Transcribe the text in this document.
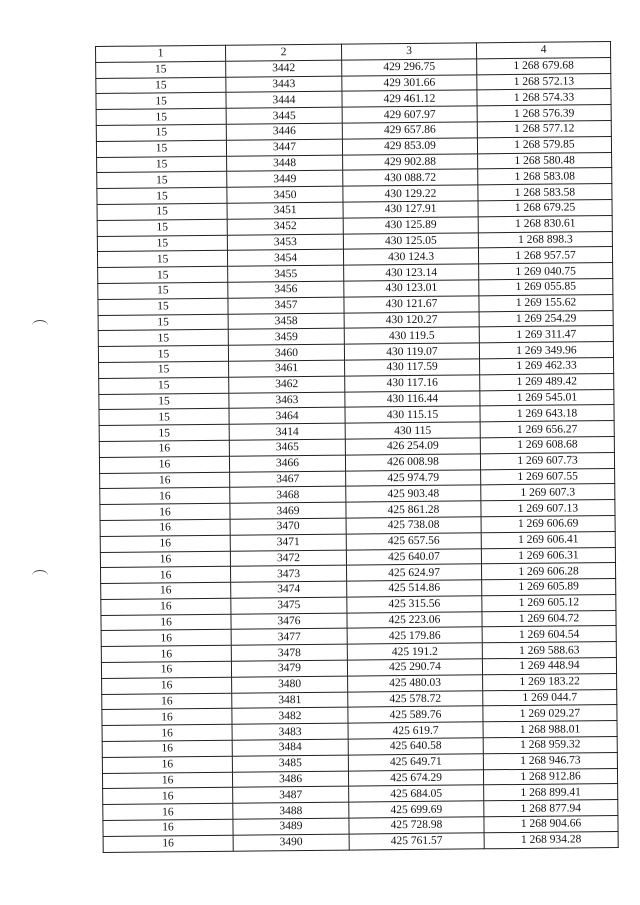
1	2	3	4
15	3442	429 296.75	1 268 679.68
15	3443	429 301.66	1 268 572.13
15	3444	429 461.12	1 268 574.33
15	3445	429 607.97	1 268 576.39
15	3446	429 657.86	1 268 577.12
15	3447	429 853.09	1 268 579.85
15	3448	429 902.88	1 268 580.48
15	3449	430 088.72	1 268 583.08
15	3450	430 129.22	1 268 583.58
15	3451	430 127.91	1 268 679.25
15	3452	430 125.89	1 268 830.61
15	3453	430 125.05	1 268 898.3
15	3454	430 124.3	1 268 957.57
15	3455	430 123.14	1 269 040.75
15	3456	430 123.01	1 269 055.85
15	3457	430 121.67	1 269 155.62
15	3458	430 120.27	1 269 254.29
15	3459	430 119.5	1 269 311.47
15	3460	430 119.07	1 269 349.96
15	3461	430 117.59	1 269 462.33
15	3462	430 117.16	1 269 489.42
15	3463	430 116.44	1 269 545.01
15	3464	430 115.15	1 269 643.18
15	3414	430 115	1 269 656.27
16	3465	426 254.09	1 269 608.68
16	3466	426 008.98	1 269 607.73
16	3467	425 974.79	1 269 607.55
16	3468	425 903.48	1 269 607.3
16	3469	425 861.28	1 269 607.13
16	3470	425 738.08	1 269 606.69
16	3471	425 657.56	1 269 606.41
16	3472	425 640.07	1 269 606.31
16	3473	425 624.97	1 269 606.28
16	3474	425 514.86	1 269 605.89
16	3475	425 315.56	1 269 605.12
16	3476	425 223.06	1 269 604.72
16	3477	425 179.86	1 269 604.54
16	3478	425 191.2	1 269 588.63
16	3479	425 290.74	1 269 448.94
16	3480	425 480.03	1 269 183.22
16	3481	425 578.72	1 269 044.7
16	3482	425 589.76	1 269 029.27
16	3483	425 619.7	1 268 988.01
16	3484	425 640.58	1 268 959.32
16	3485	425 649.71	1 268 946.73
16	3486	425 674.29	1 268 912.86
16	3487	425 684.05	1 268 899.41
16	3488	425 699.69	1 268 877.94
16	3489	425 728.98	1 268 904.66
16	3490	425 761.57	1 268 934.28
